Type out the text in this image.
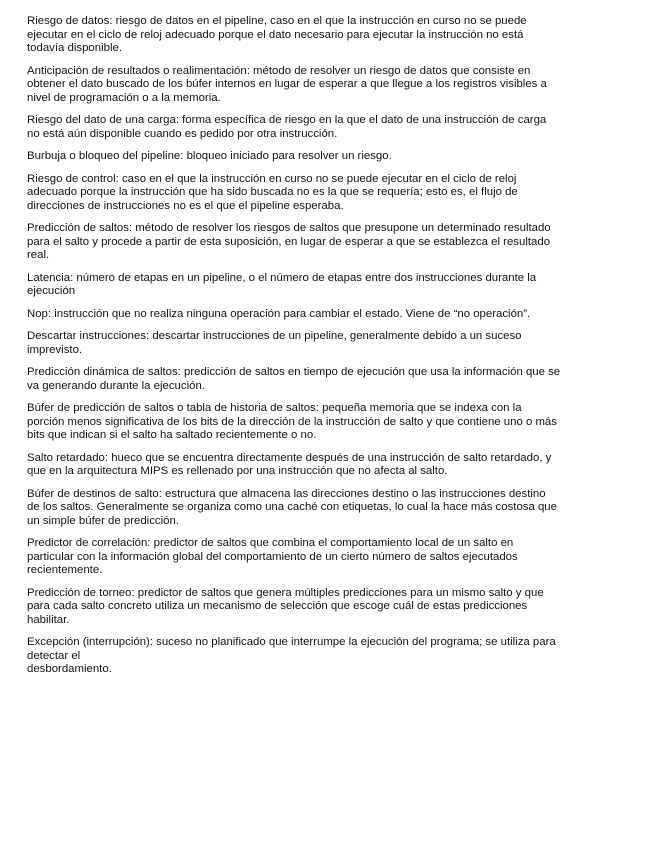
Riesgo de datos: riesgo de datos en el pipeline, caso en el que la instrucción en curso no se puede
ejecutar en el ciclo de reloj adecuado porque el dato necesario para ejecutar la instrucción no está
todavía disponible.

Anticipación de resultados o realimentación: método de resolver un riesgo de datos que consiste en
obtener el dato buscado de los búfer internos en lugar de esperar a que llegue a los registros visibles a
nivel de programación o a la memoria.

Riesgo del dato de una carga: forma específica de riesgo en la que el dato de una instrucción de carga
no está aún disponible cuando es pedido por otra instrucción.

Burbuja o bloqueo del pipeline: bloqueo iniciado para resolver un riesgo.

Riesgo de control: caso en el que la instrucción en curso no se puede ejecutar en el ciclo de reloj
adecuado porque la instrucción que ha sido buscada no es la que se requería; esto es, el flujo de
direcciones de instrucciones no es el que el pipeline esperaba.

Predicción de saltos: método de resolver los riesgos de saltos que presupone un determinado resultado
para el salto y procede a partir de esta suposición, en lugar de esperar a que se establezca el resultado
real.

Latencia: número de etapas en un pipeline, o el número de etapas entre dos instrucciones durante la
ejecución

Nop: instrucción que no realiza ninguna operación para cambiar el estado. Viene de “no operación”.

Descartar instrucciones: descartar instrucciones de un pipeline, generalmente debido a un suceso
imprevisto.

Predicción dinámica de saltos: predicción de saltos en tiempo de ejecución que usa la información que se
va generando durante la ejecución.

Búfer de predicción de saltos o tabla de historia de saltos: pequeña memoria que se indexa con la
porción menos significativa de los bits de la dirección de la instrucción de salto y que contiene uno o más
bits que indican si el salto ha saltado recientemente o no.

Salto retardado: hueco que se encuentra directamente después de una instrucción de salto retardado, y
que en la arquitectura MIPS es rellenado por una instrucción que no afecta al salto.

Búfer de destinos de salto: estructura que almacena las direcciones destino o las instrucciones destino
de los saltos. Generalmente se organiza como una caché con etiquetas, lo cual la hace más costosa que
un simple búfer de predicción.

Predictor de correlación: predictor de saltos que combina el comportamiento local de un salto en
particular con la información global del comportamiento de un cierto número de saltos ejecutados
recientemente.

Predicción de torneo: predictor de saltos que genera múltiples predicciones para un mismo salto y que
para cada salto concreto utiliza un mecanismo de selección que escoge cuál de estas predicciones
habilitar.

Excepción (interrupción): suceso no planificado que interrumpe la ejecución del programa; se utiliza para
detectar el
desbordamiento.
